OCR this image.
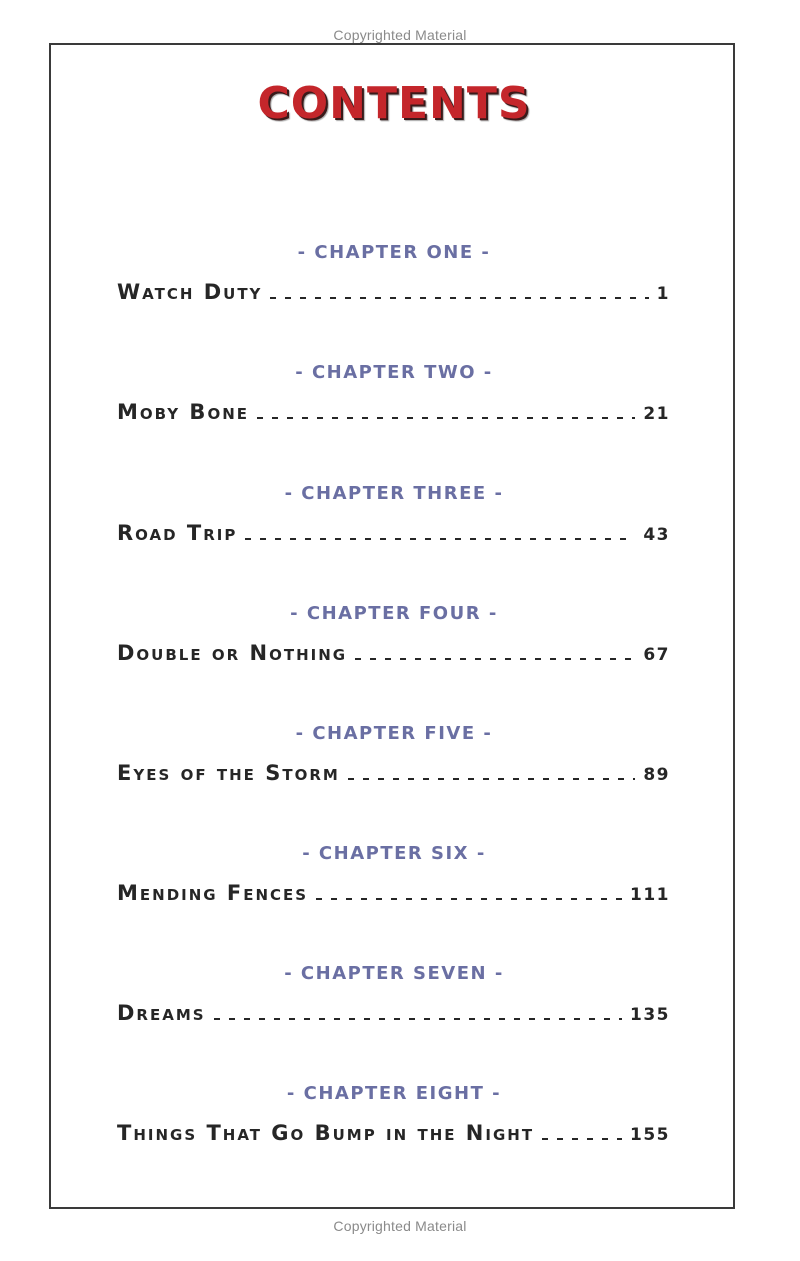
Copyrighted Material
CONTENTS
- CHAPTER ONE -
Watch Duty	1
- CHAPTER TWO -
Moby Bone	21
- CHAPTER THREE -
Road Trip	43
- CHAPTER FOUR -
Double or Nothing	67
- CHAPTER FIVE -
Eyes of the Storm	89
- CHAPTER SIX -
Mending Fences	111
- CHAPTER SEVEN -
Dreams	135
- CHAPTER EIGHT -
Things That Go Bump in the Night	155
Copyrighted Material
